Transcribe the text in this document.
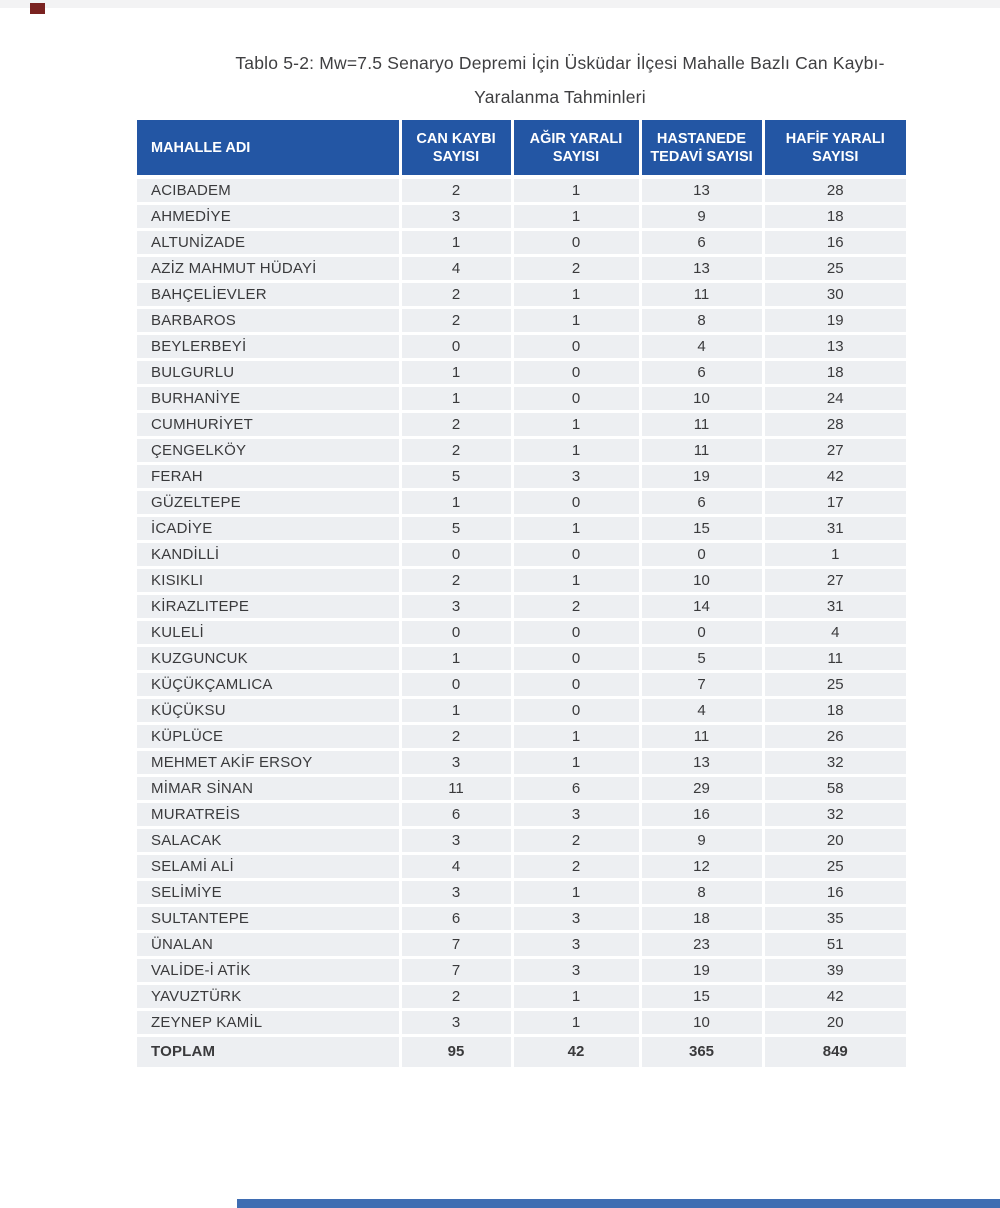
Tablo 5-2: Mw=7.5 Senaryo Depremi İçin Üsküdar İlçesi Mahalle Bazlı Can Kaybı-
Yaralanma Tahminleri
MAHALLE ADI	CAN KAYBI SAYISI	AĞIR YARALI SAYISI	HASTANEDE TEDAVİ SAYISI	HAFİF YARALI SAYISI
ACIBADEM	2	1	13	28
AHMEDİYE	3	1	9	18
ALTUNİZADE	1	0	6	16
AZİZ MAHMUT HÜDAYİ	4	2	13	25
BAHÇELİEVLER	2	1	11	30
BARBAROS	2	1	8	19
BEYLERBEYİ	0	0	4	13
BULGURLU	1	0	6	18
BURHANİYE	1	0	10	24
CUMHURİYET	2	1	11	28
ÇENGELKÖY	2	1	11	27
FERAH	5	3	19	42
GÜZELTEPE	1	0	6	17
İCADİYE	5	1	15	31
KANDİLLİ	0	0	0	1
KISIKLI	2	1	10	27
KİRAZLITEPE	3	2	14	31
KULELİ	0	0	0	4
KUZGUNCUK	1	0	5	11
KÜÇÜKÇAMLICA	0	0	7	25
KÜÇÜKSU	1	0	4	18
KÜPLÜCE	2	1	11	26
MEHMET AKİF ERSOY	3	1	13	32
MİMAR SİNAN	11	6	29	58
MURATREİS	6	3	16	32
SALACAK	3	2	9	20
SELAMİ ALİ	4	2	12	25
SELİMİYE	3	1	8	16
SULTANTEPE	6	3	18	35
ÜNALAN	7	3	23	51
VALİDE-İ ATİK	7	3	19	39
YAVUZTÜRK	2	1	15	42
ZEYNEP KAMİL	3	1	10	20
TOPLAM	95	42	365	849
